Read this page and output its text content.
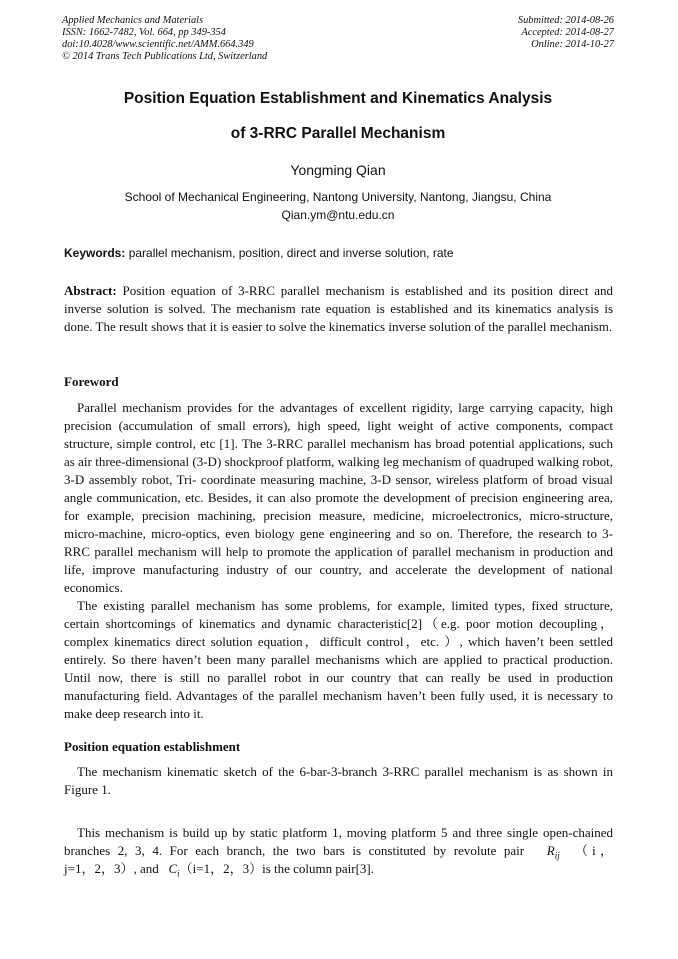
Applied Mechanics and Materials
ISSN: 1662-7482, Vol. 664, pp 349-354
doi:10.4028/www.scientific.net/AMM.664.349
© 2014 Trans Tech Publications Ltd, Switzerland
Submitted: 2014-08-26
Accepted: 2014-08-27
Online: 2014-10-27
Position Equation Establishment and Kinematics Analysis
of 3-RRC Parallel Mechanism
Yongming Qian
School of Mechanical Engineering, Nantong University, Nantong, Jiangsu, China
Qian.ym@ntu.edu.cn
Keywords: parallel mechanism, position, direct and inverse solution, rate
Abstract: Position equation of 3-RRC parallel mechanism is established and its position direct and inverse solution is solved. The mechanism rate equation is established and its kinematics analysis is done. The result shows that it is easier to solve the kinematics inverse solution of the parallel mechanism.
Foreword

Parallel mechanism provides for the advantages of excellent rigidity, large carrying capacity, high precision (accumulation of small errors), high speed, light weight of active components, compact structure, simple control, etc [1]. The 3-RRC parallel mechanism has broad potential applications, such as air three-dimensional (3-D) shockproof platform, walking leg mechanism of quadruped walking robot, 3-D assembly robot, Tri- coordinate measuring machine, 3-D sensor, wireless platform of broad visual angle communication, etc. Besides, it can also promote the development of precision engineering area, for example, precision machining, precision measure, medicine, microelectronics, micro-structure, micro-machine, micro-optics, even biology gene engineering and so on. Therefore, the research to 3-RRC parallel mechanism will help to promote the application of parallel mechanism in production and life, improve manufacturing industry of our country, and accelerate the development of national economics.

The existing parallel mechanism has some problems, for example, limited types, fixed structure, certain shortcomings of kinematics and dynamic characteristic[2]（e.g. poor motion decoupling，complex kinematics direct solution equation，difficult control，etc. ）, which haven’t been settled entirely. So there haven’t been many parallel mechanisms which are applied to practical production. Until now, there is still no parallel robot in our country that can really be used in production manufacturing field. Advantages of the parallel mechanism haven’t been fully used, it is necessary to make deep research into it.

Position equation establishment

The mechanism kinematic sketch of the 6-bar-3-branch 3-RRC parallel mechanism is as shown in Figure 1.

This mechanism is build up by static platform 1, moving platform 5 and three single open-chained branches 2, 3, 4. For each branch, the two bars is constituted by revolute pair $R_{ij}$ （i，
j=1，2，3）, and $C_i(i=1$，2，3）is the column pair[3].
